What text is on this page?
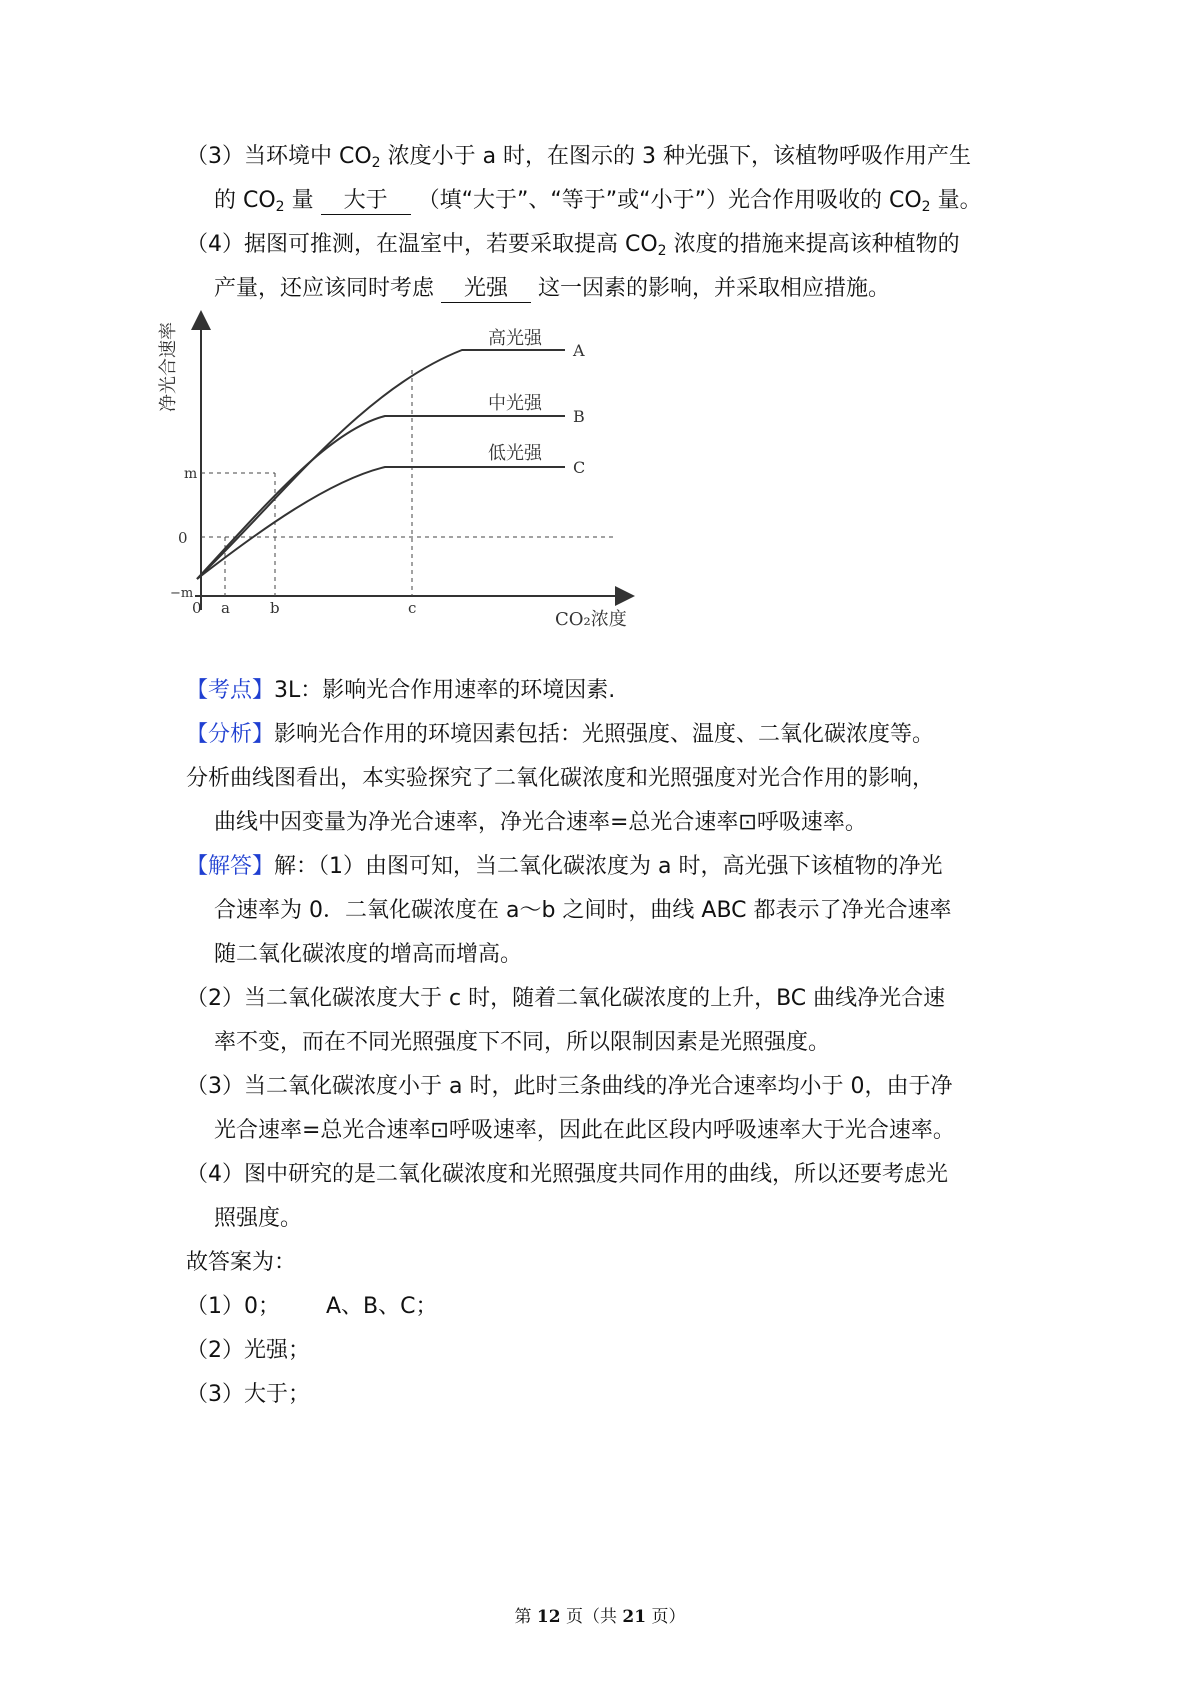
（3）当环境中 $CO_2$ 浓度小于 a 时，在图示的 3 种光强下，该植物呼吸作用产生
的 $CO_2$ 量 大于 （填“大于”、“等于”或“小于”）光合作用吸收的 $CO_2$ 量。
（4）据图可推测，在温室中，若要采取提高 $CO_2$ 浓度的措施来提高该种植物的
产量，还应该同时考虑 光强 这一因素的影响，并采取相应措施。
m
0
−m
0 a	b	c
CO₂浓度
净光合速率	高光强
中光强
低光强
A
B
C
【考点】3L：影响光合作用速率的环境因素.
【分析】影响光合作用的环境因素包括：光照强度、温度、二氧化碳浓度等。
分析曲线图看出，本实验探究了二氧化碳浓度和光照强度对光合作用的影响，
曲线中因变量为净光合速率，净光合速率=总光合速率⊡呼吸速率。
【解答】解：（1）由图可知，当二氧化碳浓度为 a 时，高光强下该植物的净光
合速率为 0．二氧化碳浓度在 a～b 之间时，曲线 ABC 都表示了净光合速率
随二氧化碳浓度的增高而增高。
（2）当二氧化碳浓度大于 c 时，随着二氧化碳浓度的上升，BC 曲线净光合速
率不变，而在不同光照强度下不同，所以限制因素是光照强度。
（3）当二氧化碳浓度小于 a 时，此时三条曲线的净光合速率均小于 0，由于净
光合速率=总光合速率⊡呼吸速率，因此在此区段内呼吸速率大于光合速率。
（4）图中研究的是二氧化碳浓度和光照强度共同作用的曲线，所以还要考虑光
照强度。
故答案为：
（1）0； A、B、C；
（2）光强；
（3）大于；
第 12 页（共 21 页）
